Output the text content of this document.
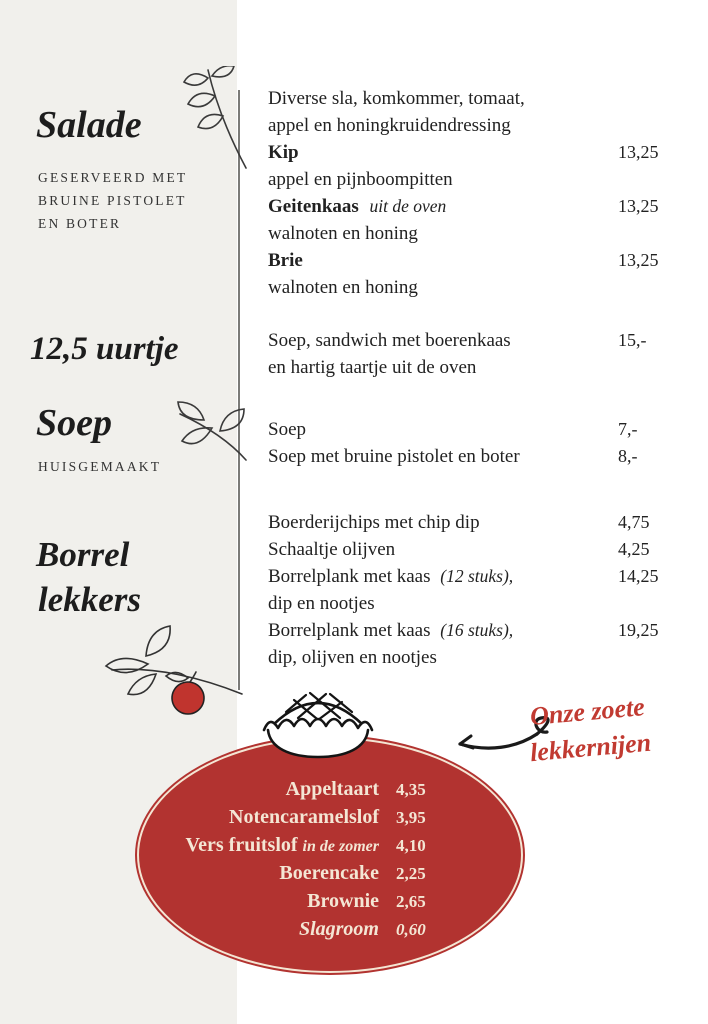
Salade
GESERVEERD MET BRUINE PISTOLET EN BOTER
12,5 uurtje
Soep
HUISGEMAAKT
Borrel
lekkers
Diverse sla, komkommer, tomaat,
appel en honingkruidendressing
Kip	13,25
appel en pijnboompitten
Geitenkaas uit de oven	13,25
walnoten en honing
Brie	13,25
walnoten en honing
Soep, sandwich met boerenkaas	15,-
en hartig taartje uit de oven
Soep	7,-
Soep met bruine pistolet en boter	8,-
Boerderijchips met chip dip	4,75
Schaaltje olijven	4,25
Borrelplank met kaas (12 stuks),	14,25
dip en nootjes
Borrelplank met kaas (16 stuks),	19,25
dip, olijven en nootjes
Appeltaart 4,35
Notencaramelslof 3,95
Vers fruitslof in de zomer 4,10
Boerencake 2,25
Brownie 2,65
Slagroom 0,60
Onze zoete
lekkernijen
